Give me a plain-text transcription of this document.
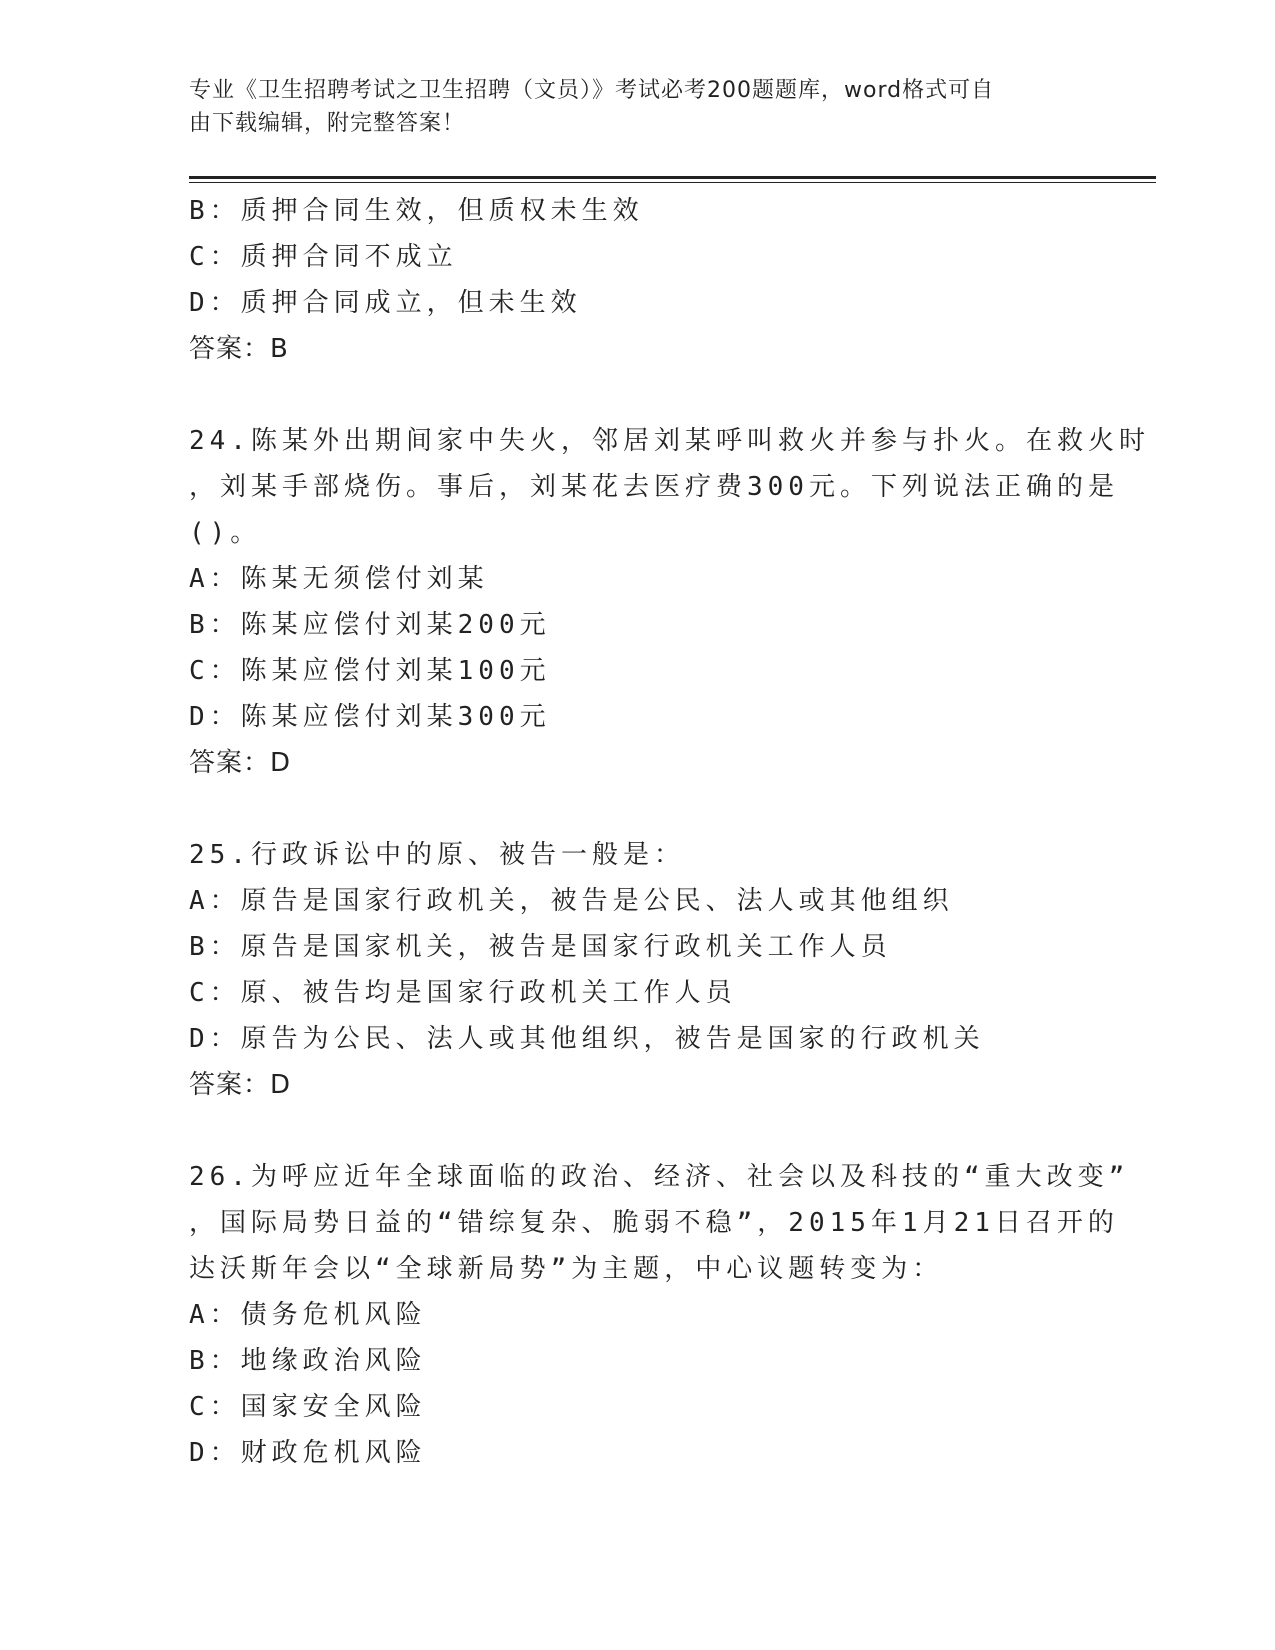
专业《卫生招聘考试之卫生招聘（文员）》考试必考200题题库，word格式可自
由下载编辑，附完整答案！
B：质押合同生效，但质权未生效
C：质押合同不成立
D：质押合同成立，但未生效
答案：B
24.陈某外出期间家中失火，邻居刘某呼叫救火并参与扑火。在救火时
，刘某手部烧伤。事后，刘某花去医疗费300元。下列说法正确的是
()。
A：陈某无须偿付刘某
B：陈某应偿付刘某200元
C：陈某应偿付刘某100元
D：陈某应偿付刘某300元
答案：D
25.行政诉讼中的原、被告一般是：
A：原告是国家行政机关，被告是公民、法人或其他组织
B：原告是国家机关，被告是国家行政机关工作人员
C：原、被告均是国家行政机关工作人员
D：原告为公民、法人或其他组织，被告是国家的行政机关
答案：D
26.为呼应近年全球面临的政治、经济、社会以及科技的“重大改变”
，国际局势日益的“错综复杂、脆弱不稳”，2015年1月21日召开的
达沃斯年会以“全球新局势”为主题，中心议题转变为：
A：债务危机风险
B：地缘政治风险
C：国家安全风险
D：财政危机风险
